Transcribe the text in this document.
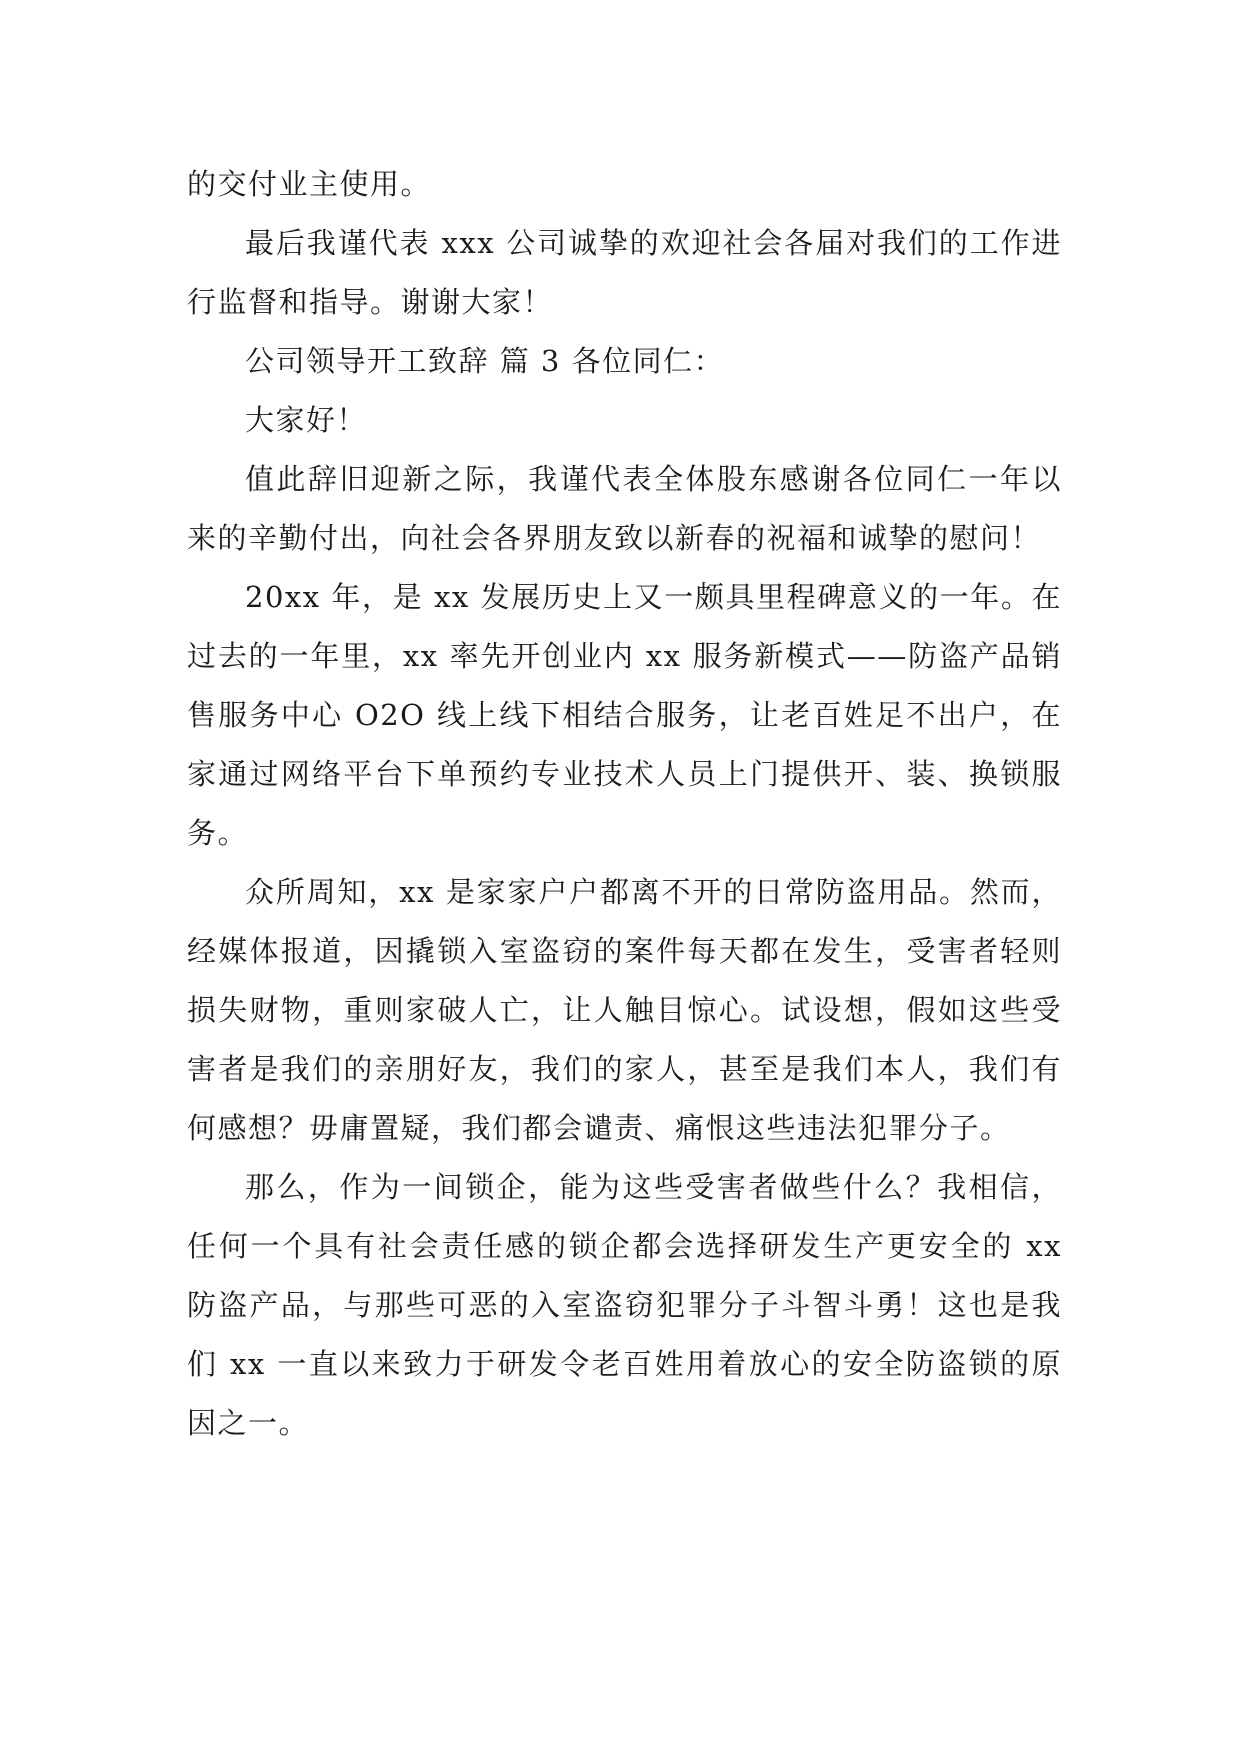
的交付业主使用。

最后我谨代表 xxx 公司诚挚的欢迎社会各届对我们的工作进行监督和指导。谢谢大家！

公司领导开工致辞 篇 3 各位同仁：

大家好！

值此辞旧迎新之际，我谨代表全体股东感谢各位同仁一年以来的辛勤付出，向社会各界朋友致以新春的祝福和诚挚的慰问！

20xx 年，是 xx 发展历史上又一颇具里程碑意义的一年。在过去的一年里，xx 率先开创业内 xx 服务新模式——防盗产品销售服务中心 O2O 线上线下相结合服务，让老百姓足不出户，在家通过网络平台下单预约专业技术人员上门提供开、装、换锁服务。

众所周知，xx 是家家户户都离不开的日常防盗用品。然而，经媒体报道，因撬锁入室盗窃的案件每天都在发生，受害者轻则损失财物，重则家破人亡，让人触目惊心。试设想，假如这些受害者是我们的亲朋好友，我们的家人，甚至是我们本人，我们有何感想？毋庸置疑，我们都会谴责、痛恨这些违法犯罪分子。

那么，作为一间锁企，能为这些受害者做些什么？我相信，任何一个具有社会责任感的锁企都会选择研发生产更安全的 xx 防盗产品，与那些可恶的入室盗窃犯罪分子斗智斗勇！这也是我们 xx 一直以来致力于研发令老百姓用着放心的安全防盗锁的原因之一。
